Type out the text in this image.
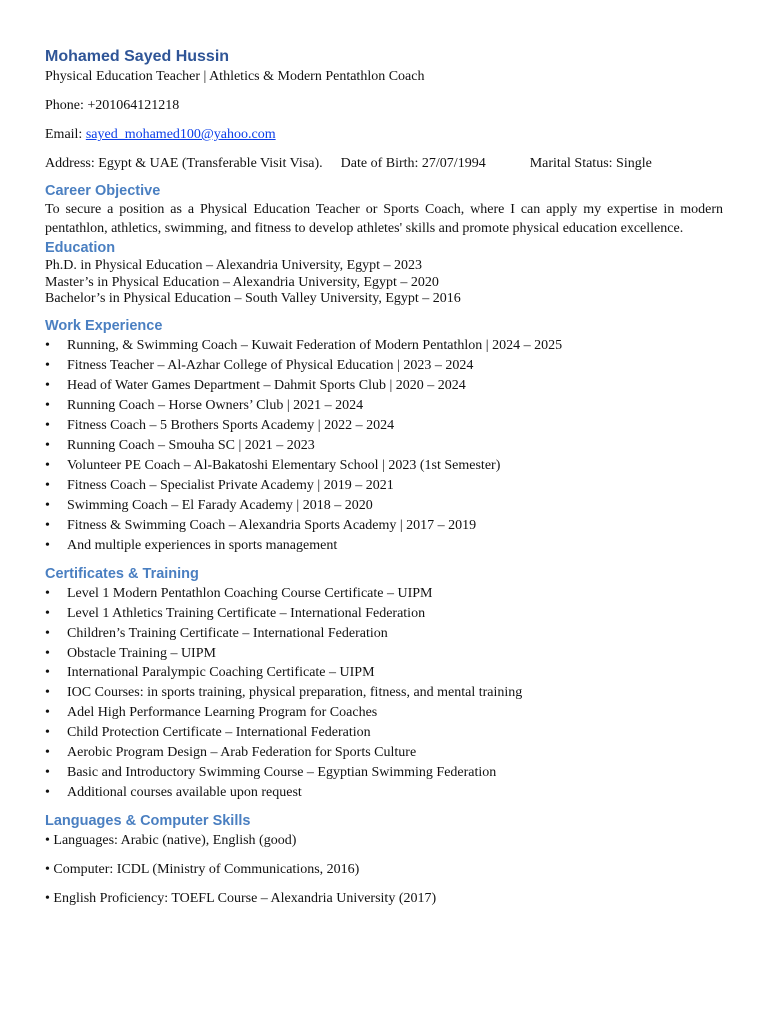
Mohamed Sayed Hussin

Physical Education Teacher | Athletics & Modern Pentathlon Coach

Phone: +201064121218

Email: sayed_mohamed100@yahoo.com

Address: Egypt & UAE (Transferable Visit Visa). Date of Birth: 27/07/1994	Marital Status: Single

Career Objective

To secure a position as a Physical Education Teacher or Sports Coach, where I can apply my expertise in modern pentathlon, athletics, swimming, and fitness to develop athletes' skills and promote physical education excellence.

Education

Ph.D. in Physical Education – Alexandria University, Egypt – 2023

Master’s in Physical Education – Alexandria University, Egypt – 2020

Bachelor’s in Physical Education – South Valley University, Egypt – 2016

Work Experience

• Running, & Swimming Coach – Kuwait Federation of Modern Pentathlon | 2024 – 2025
• Fitness Teacher – Al-Azhar College of Physical Education | 2023 – 2024
• Head of Water Games Department – Dahmit Sports Club | 2020 – 2024
• Running Coach – Horse Owners’ Club | 2021 – 2024
• Fitness Coach – 5 Brothers Sports Academy | 2022 – 2024
• Running Coach – Smouha SC | 2021 – 2023
• Volunteer PE Coach – Al-Bakatoshi Elementary School | 2023 (1st Semester)
• Fitness Coach – Specialist Private Academy | 2019 – 2021
• Swimming Coach – El Farady Academy | 2018 – 2020
• Fitness & Swimming Coach – Alexandria Sports Academy | 2017 – 2019
• And multiple experiences in sports management

Certificates & Training

• Level 1 Modern Pentathlon Coaching Course Certificate – UIPM
• Level 1 Athletics Training Certificate – International Federation
• Children’s Training Certificate – International Federation
• Obstacle Training – UIPM
• International Paralympic Coaching Certificate – UIPM
• IOC Courses: in sports training, physical preparation, fitness, and mental training
• Adel High Performance Learning Program for Coaches
• Child Protection Certificate – International Federation
• Aerobic Program Design – Arab Federation for Sports Culture
• Basic and Introductory Swimming Course – Egyptian Swimming Federation
• Additional courses available upon request

Languages & Computer Skills

• Languages: Arabic (native), English (good)

• Computer: ICDL (Ministry of Communications, 2016)

• English Proficiency: TOEFL Course – Alexandria University (2017)
